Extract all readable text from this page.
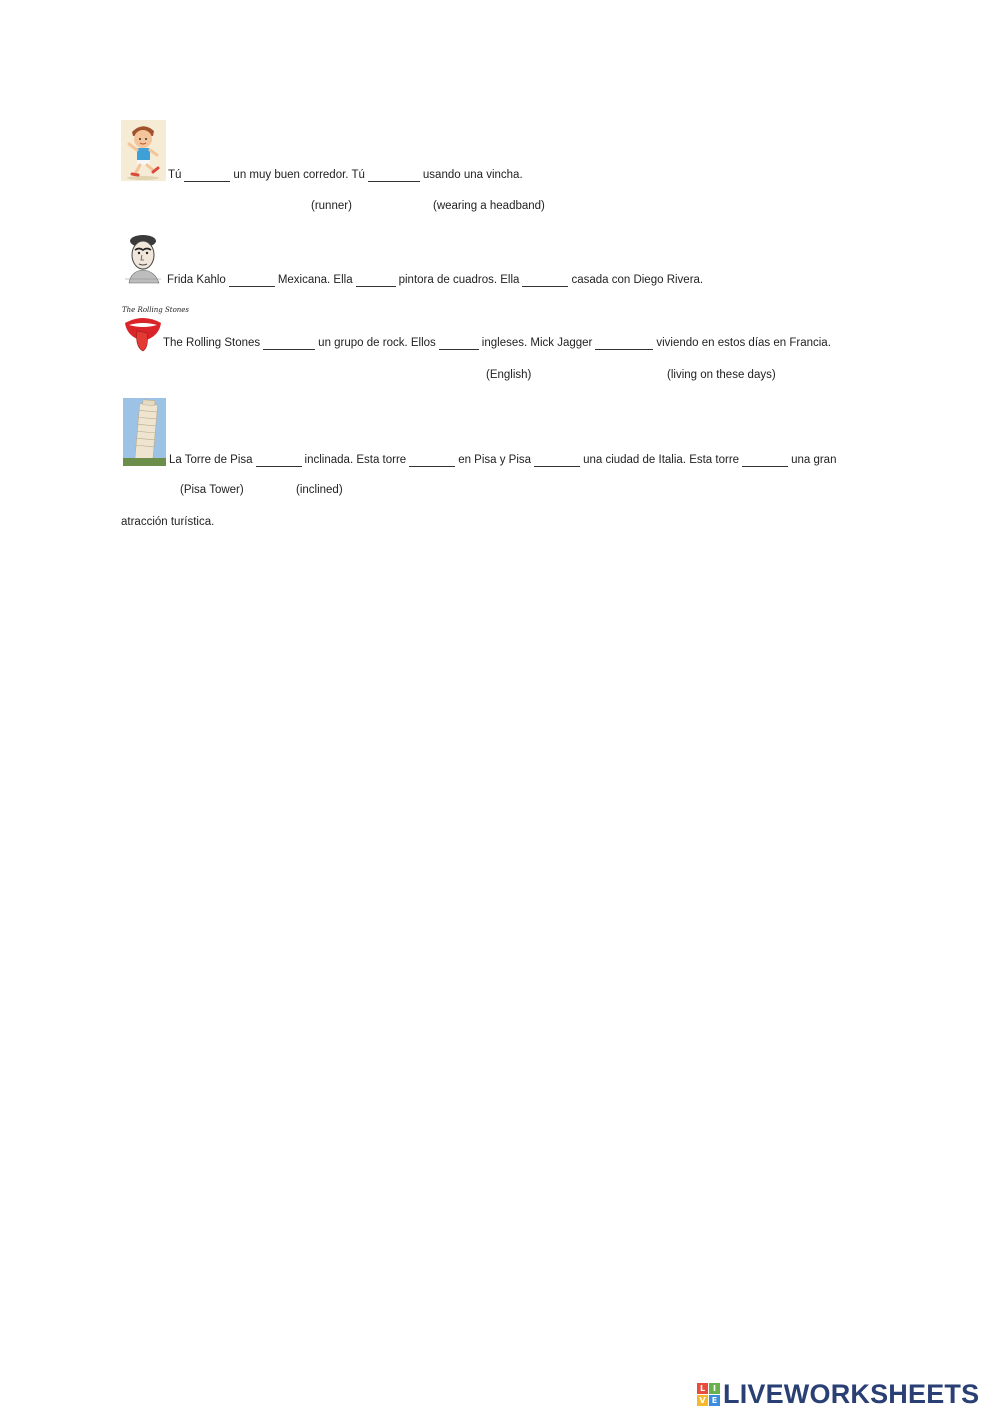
Tú	un muy buen corredor. Tú	usando una vincha.
(runner)	(wearing a headband)
Frida Kahlo	Mexicana. Ella	pintora de cuadros. Ella	casada con Diego Rivera.
The Rolling Stones
The Rolling Stones	un grupo de rock. Ellos	ingleses. Mick Jagger	viviendo en estos días en Francia.
(English)	(living on these days)
La Torre de Pisa	inclinada. Esta torre	en Pisa y Pisa	una ciudad de Italia. Esta torre	una gran
(Pisa Tower)	(inclined)
atracción turística.
L I
V E LIVEWORKSHEETS
